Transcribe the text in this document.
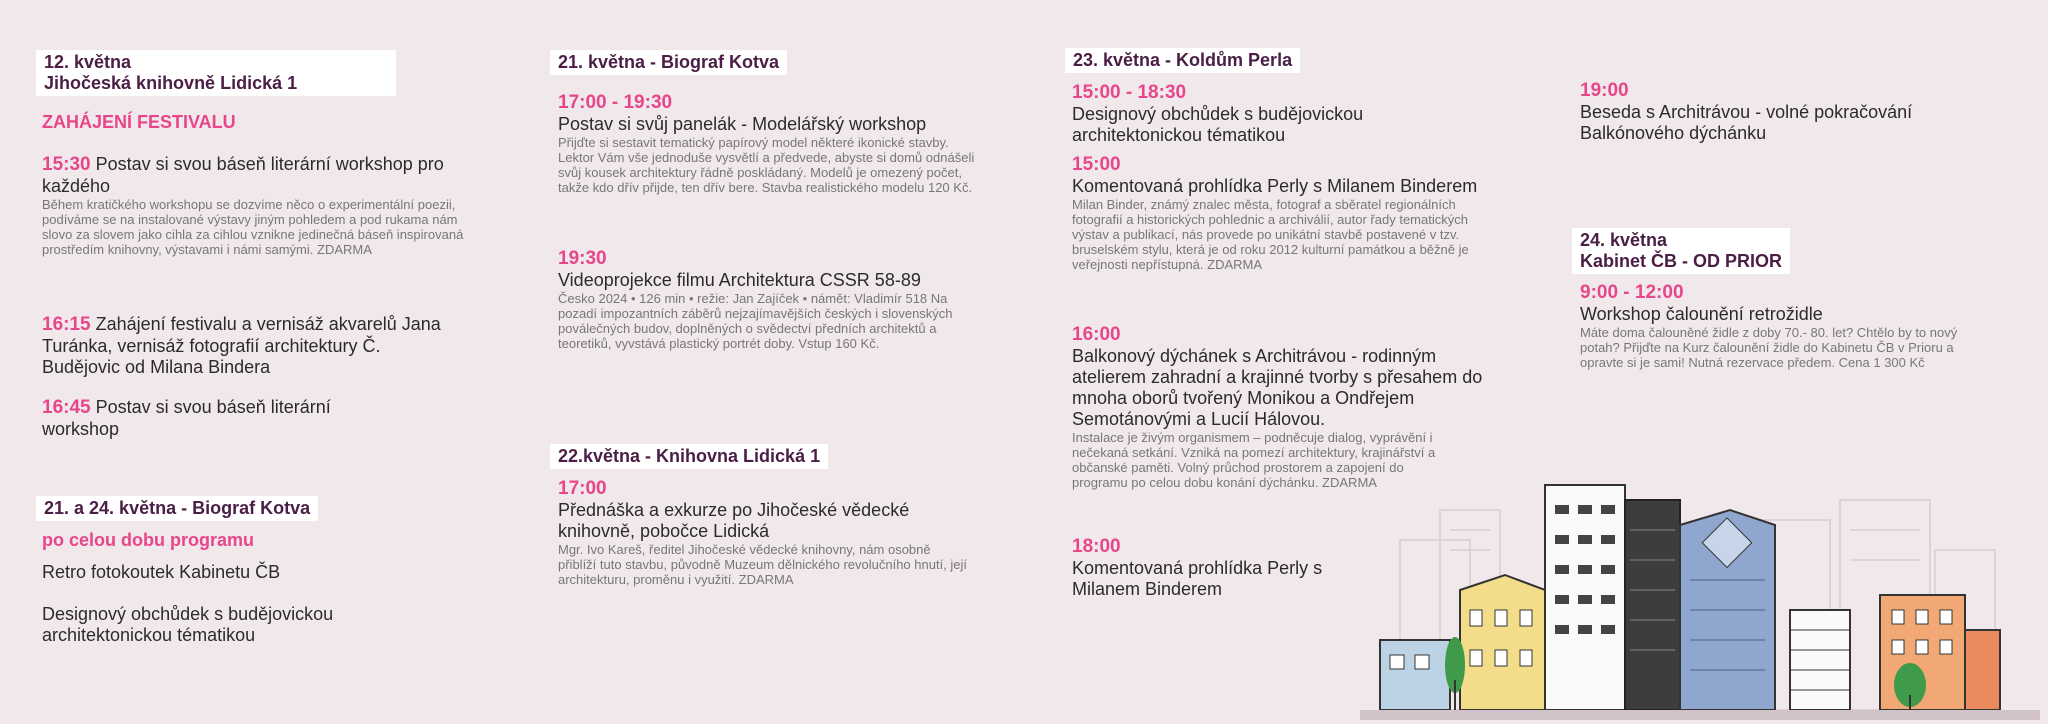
12. května
Jihočeská knihovně Lidická 1
ZAHÁJENÍ FESTIVALU
15:30 Postav si svou báseň literární workshop pro každého
Během kratičkého workshopu se dozvíme něco o experimentální poezii, podíváme se na instalované výstavy jiným pohledem a pod rukama nám slovo za slovem jako cihla za cihlou vznikne jedinečná báseň inspirovaná prostředím knihovny, výstavami i námi samými. ZDARMA
16:15 Zahájení festivalu a vernisáž akvarelů Jana Turánka, vernisáž fotografií architektury Č. Budějovic od Milana Bindera
16:45 Postav si svou báseň literární workshop
21. a 24. května - Biograf Kotva
po celou dobu programu
Retro fotokoutek Kabinetu ČB
Designový obchůdek s budějovickou architektonickou tématikou
21. května - Biograf Kotva
17:00 - 19:30
Postav si svůj panelák - Modelářský workshop
Přijďte si sestavit tematický papírový model některé ikonické stavby. Lektor Vám vše jednoduše vysvětlí a předvede, abyste si domů odnášeli svůj kousek architektury řádně poskládaný. Modelů je omezený počet, takže kdo dřív přijde, ten dřív bere. Stavba realistického modelu 120 Kč.
19:30
Videoprojekce filmu Architektura CSSR 58-89
Česko 2024 • 126 min • režie: Jan Zajíček • námět: Vladimír 518 Na pozadí impozantních záběrů nejzajímavějších českých i slovenských poválečných budov, doplněných o svědectví předních architektů a teoretiků, vyvstává plastický portrét doby. Vstup 160 Kč.
22.května - Knihovna Lidická 1
17:00
Přednáška a exkurze po Jihočeské vědecké knihovně, pobočce Lidická
Mgr. Ivo Kareš, ředitel Jihočeské vědecké knihovny, nám osobně přiblíží tuto stavbu, původně Muzeum dělnického revolučního hnutí, její architekturu, proměnu i využití. ZDARMA
23. května - Koldům Perla
15:00 - 18:30
Designový obchůdek s budějovickou architektonickou tématikou
15:00
Komentovaná prohlídka Perly s Milanem Binderem
Milan Binder, známý znalec města, fotograf a sběratel regionálních fotografií a historických pohlednic a archiválií, autor řady tematických výstav a publikací, nás provede po unikátní stavbě postavené v tzv. bruselském stylu, která je od roku 2012 kulturní památkou a běžně je veřejnosti nepřístupná. ZDARMA
16:00
Balkonový dýchánek s Architrávou - rodinným atelierem zahradní a krajinné tvorby s přesahem do mnoha oborů tvořený Monikou a Ondřejem Semotánovými a Lucií Hálovou.
Instalace je živým organismem – podněcuje dialog, vyprávění i nečekaná setkání. Vzniká na pomezí architektury, krajinářství a občanské paměti. Volný průchod prostorem a zapojení do programu po celou dobu konání dýchánku. ZDARMA
18:00
Komentovaná prohlídka Perly s Milanem Binderem
19:00
Beseda s Architrávou - volné pokračování Balkónového dýchánku
24. května
Kabinet ČB - OD PRIOR
9:00 - 12:00
Workshop čalounění retrožidle
Máte doma čalouněné židle z doby 70.- 80. let? Chtělo by to nový potah? Přijďte na Kurz čalounění židle do Kabinetu ČB v Prioru a opravte si je sami! Nutná rezervace předem. Cena 1 300 Kč
